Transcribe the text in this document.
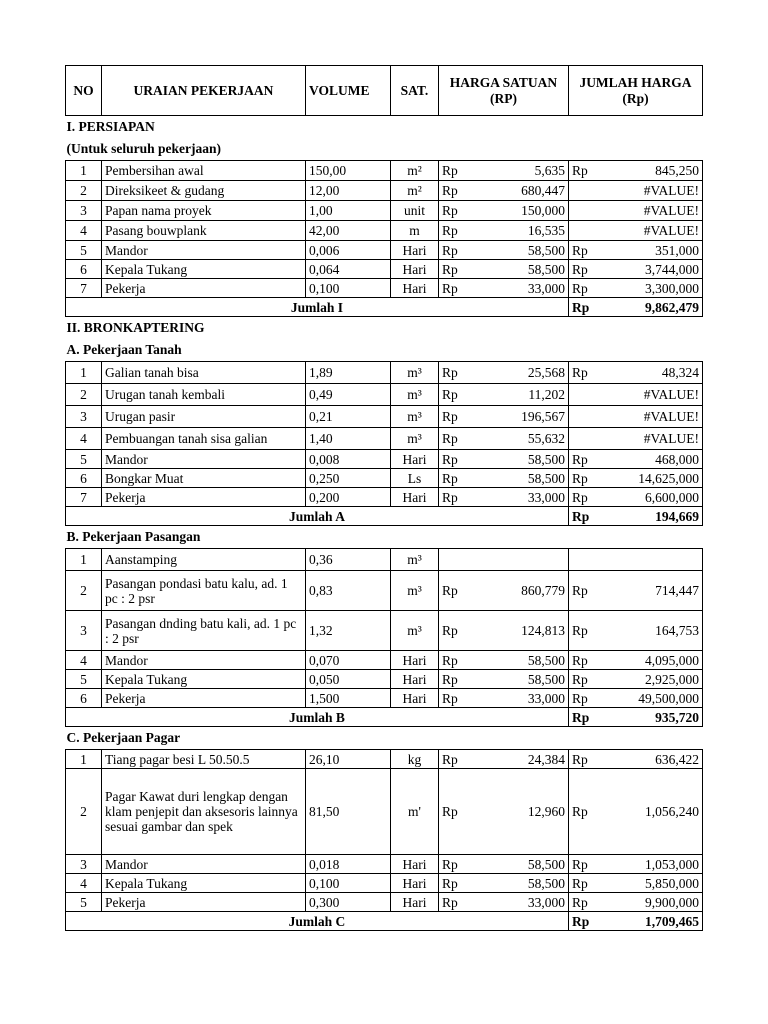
NO	URAIAN PEKERJAAN	VOLUME	SAT.	HARGA SATUAN (RP)		JUMLAH HARGA (Rp)	
I. PERSIAPAN							
(Untuk seluruh pekerjaan)							
1	Pembersihan awal	150,00	m²	Rp	5,635	Rp	845,250
2	Direksikeet & gudang	12,00	m²	Rp	680,447		#VALUE!
3	Papan nama proyek	1,00	unit	Rp	150,000		#VALUE!
4	Pasang bouwplank	42,00	m	Rp	16,535		#VALUE!
5	Mandor	0,006	Hari	Rp	58,500	Rp	351,000
6	Kepala Tukang	0,064	Hari	Rp	58,500	Rp	3,744,000
7	Pekerja	0,100	Hari	Rp	33,000	Rp	3,300,000
Jumlah I						Rp	9,862,479
II. BRONKAPTERING							
A. Pekerjaan Tanah							
1	Galian tanah bisa	1,89	m³	Rp	25,568	Rp	48,324
2	Urugan tanah kembali	0,49	m³	Rp	11,202		#VALUE!
3	Urugan pasir	0,21	m³	Rp	196,567		#VALUE!
4	Pembuangan tanah sisa galian	1,40	m³	Rp	55,632		#VALUE!
5	Mandor	0,008	Hari	Rp	58,500	Rp	468,000
6	Bongkar Muat	0,250	Ls	Rp	58,500	Rp	14,625,000
7	Pekerja	0,200	Hari	Rp	33,000	Rp	6,600,000
Jumlah A						Rp	194,669
B. Pekerjaan Pasangan							
1	Aanstamping	0,36	m³				
2	Pasangan pondasi batu kalu, ad. 1 pc : 2 psr	0,83	m³	Rp	860,779	Rp	714,447
3	Pasangan dnding batu kali, ad. 1 pc : 2 psr	1,32	m³	Rp	124,813	Rp	164,753
4	Mandor	0,070	Hari	Rp	58,500	Rp	4,095,000
5	Kepala Tukang	0,050	Hari	Rp	58,500	Rp	2,925,000
6	Pekerja	1,500	Hari	Rp	33,000	Rp	49,500,000
Jumlah B						Rp	935,720
C. Pekerjaan Pagar							
1	Tiang pagar besi L 50.50.5	26,10	kg	Rp	24,384	Rp	636,422
2	Pagar Kawat duri lengkap dengan klam penjepit dan aksesoris lainnya sesuai gambar dan spek	81,50	m'	Rp	12,960	Rp	1,056,240
3	Mandor	0,018	Hari	Rp	58,500	Rp	1,053,000
4	Kepala Tukang	0,100	Hari	Rp	58,500	Rp	5,850,000
5	Pekerja	0,300	Hari	Rp	33,000	Rp	9,900,000
Jumlah C						Rp	1,709,465
